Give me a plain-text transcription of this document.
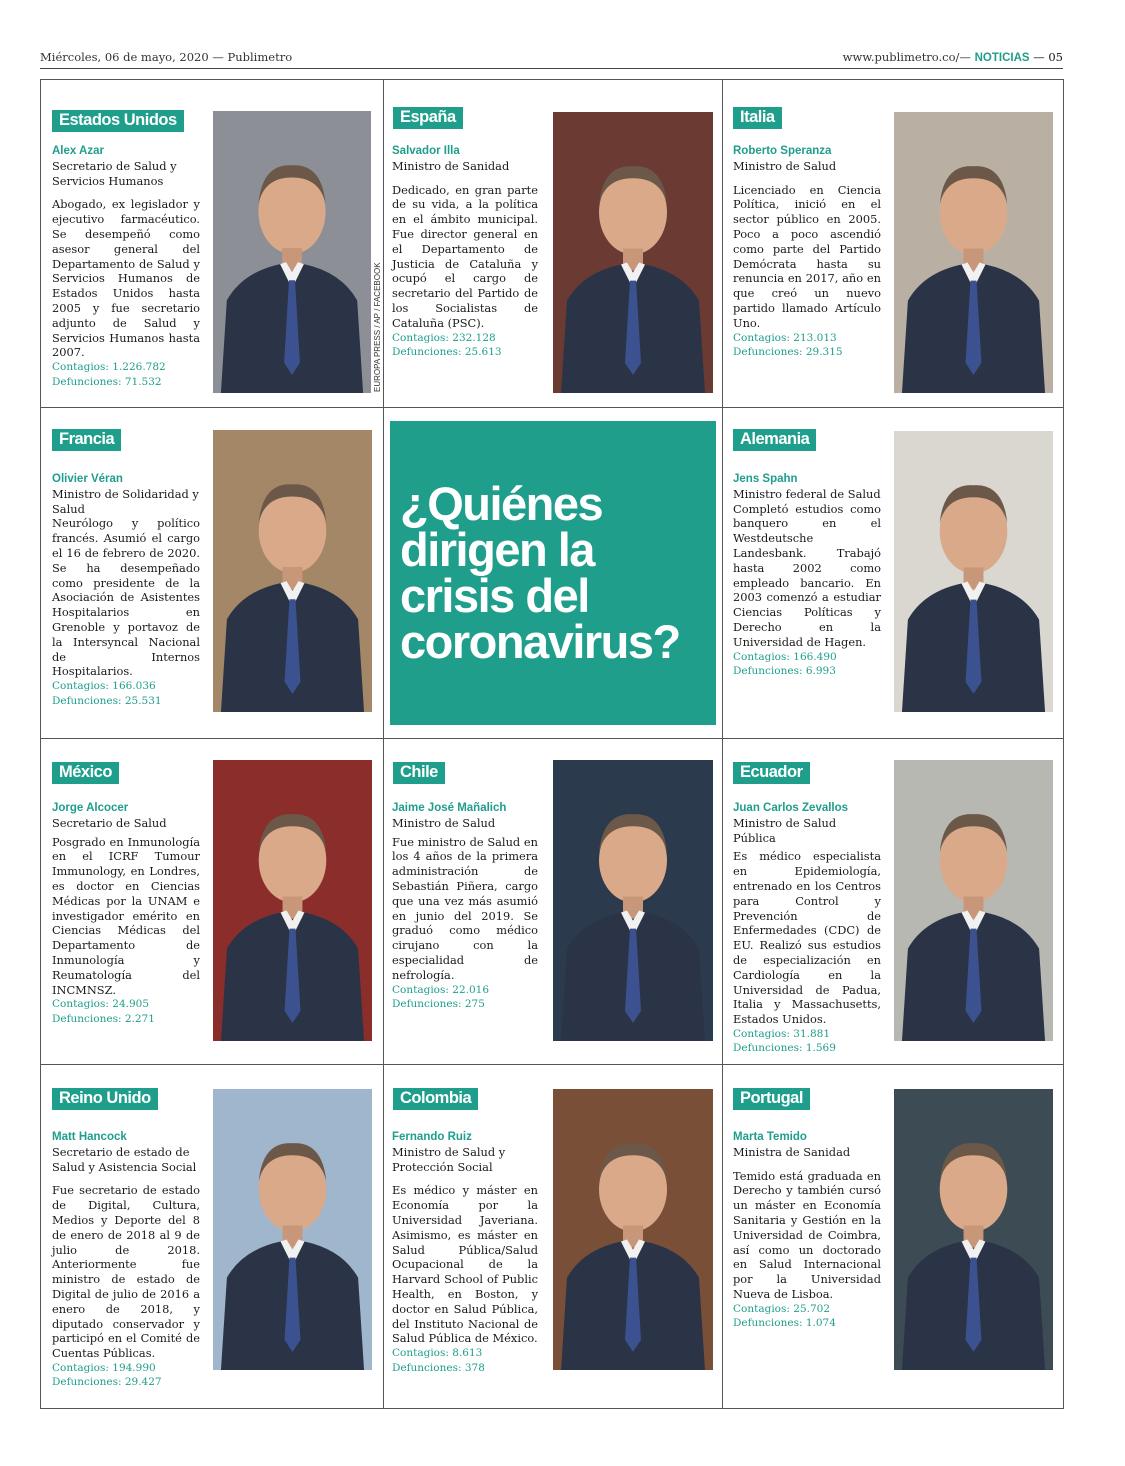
Miércoles, 06 de mayo, 2020 — Publimetro	www.publimetro.co/— NOTICIAS — 05
¿Quiénes dirigen la crisis del coronavirus?
Estados Unidos
Alex Azar
Secretario de Salud y Servicios Humanos
Abogado, ex legislador y ejecutivo farmacéutico. Se desempeñó como asesor general del Departamento de Salud y Servicios Humanos de Estados Unidos hasta 2005 y fue secretario adjunto de Salud y Servicios Humanos hasta 2007.
Contagios: 1.226.782
Defunciones: 71.532	EUROPA PRESS / AP / FACEBOOK
España
Salvador Illa
Ministro de Sanidad
Dedicado, en gran parte de su vida, a la política en el ámbito municipal. Fue director general en el Departamento de Justicia de Cataluña y ocupó el cargo de secretario del Partido de los Socialistas de Cataluña (PSC).
Contagios: 232.128
Defunciones: 25.613
Italia
Roberto Speranza
Ministro de Salud
Licenciado en Ciencia Política, inició en el sector público en 2005. Poco a poco ascendió como parte del Partido Demócrata hasta su renuncia en 2017, año en que creó un nuevo partido llamado Artículo Uno.
Contagios: 213.013
Defunciones: 29.315
Francia
Olivier Véran
Ministro de Solidaridad y Salud
Neurólogo y político francés. Asumió el cargo el 16 de febrero de 2020. Se ha desempeñado como presidente de la Asociación de Asistentes Hospitalarios en Grenoble y portavoz de la Intersyncal Nacional de Internos Hospitalarios.
Contagios: 166.036
Defunciones: 25.531
Alemania
Jens Spahn
Ministro federal de Salud
Completó estudios como banquero en el Westdeutsche Landesbank. Trabajó hasta 2002 como empleado bancario. En 2003 comenzó a estudiar Ciencias Políticas y Derecho en la Universidad de Hagen.
Contagios: 166.490
Defunciones: 6.993
México
Jorge Alcocer
Secretario de Salud
Posgrado en Inmunología en el ICRF Tumour Immunology, en Londres, es doctor en Ciencias Médicas por la UNAM e investigador emérito en Ciencias Médicas del Departamento de Inmunología y Reumatología del INCMNSZ.
Contagios: 24.905
Defunciones: 2.271
Chile
Jaime José Mañalich
Ministro de Salud
Fue ministro de Salud en los 4 años de la primera administración de Sebastián Piñera, cargo que una vez más asumió en junio del 2019. Se graduó como médico cirujano con la especialidad de nefrología.
Contagios: 22.016
Defunciones: 275
Ecuador
Juan Carlos Zevallos
Ministro de Salud Pública
Es médico especialista en Epidemiología, entrenado en los Centros para Control y Prevención de Enfermedades (CDC) de EU. Realizó sus estudios de especialización en Cardiología en la Universidad de Padua, Italia y Massachusetts, Estados Unidos.
Contagios: 31.881
Defunciones: 1.569
Reino Unido
Matt Hancock
Secretario de estado de Salud y Asistencia Social
Fue secretario de estado de Digital, Cultura, Medios y Deporte del 8 de enero de 2018 al 9 de julio de 2018. Anteriormente fue ministro de estado de Digital de julio de 2016 a enero de 2018, y diputado conservador y participó en el Comité de Cuentas Públicas.
Contagios: 194.990
Defunciones: 29.427
Colombia
Fernando Ruiz
Ministro de Salud y Protección Social
Es médico y máster en Economía por la Universidad Javeriana. Asimismo, es máster en Salud Pública/Salud Ocupacional de la Harvard School of Public Health, en Boston, y doctor en Salud Pública, del Instituto Nacional de Salud Pública de México.
Contagios: 8.613
Defunciones: 378
Portugal
Marta Temido
Ministra de Sanidad
Temido está graduada en Derecho y también cursó un máster en Economía Sanitaria y Gestión en la Universidad de Coimbra, así como un doctorado en Salud Internacional por la Universidad Nueva de Lisboa.
Contagios: 25.702
Defunciones: 1.074
